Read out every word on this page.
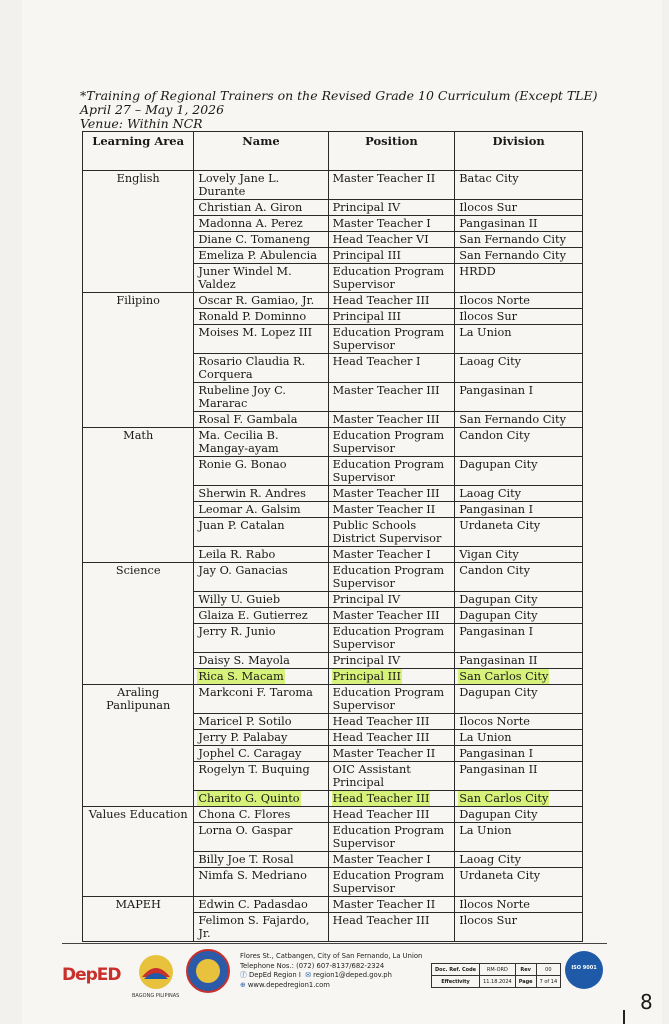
*Training of Regional Trainers on the Revised Grade 10 Curriculum (Except TLE)
April 27 – May 1, 2026
Venue: Within NCR
Learning Area	Name	Position	Division
English	Lovely Jane L. Durante	Master Teacher II	Batac City
	Christian A. Giron	Principal IV	Ilocos Sur
	Madonna A. Perez	Master Teacher I	Pangasinan II
	Diane C. Tomaneng	Head Teacher VI	San Fernando City
	Emeliza P. Abulencia	Principal III	San Fernando City
	Juner Windel M. Valdez	Education Program Supervisor	HRDD
Filipino	Oscar R. Gamiao, Jr.	Head Teacher III	Ilocos Norte
	Ronald P. Dominno	Principal III	Ilocos Sur
	Moises M. Lopez III	Education Program Supervisor	La Union
	Rosario Claudia R. Corquera	Head Teacher I	Laoag City
	Rubeline Joy C. Mararac	Master Teacher III	Pangasinan I
	Rosal F. Gambala	Master Teacher III	San Fernando City
Math	Ma. Cecilia B. Mangay-ayam	Education Program Supervisor	Candon City
	Ronie G. Bonao	Education Program Supervisor	Dagupan City
	Sherwin R. Andres	Master Teacher III	Laoag City
	Leomar A. Galsim	Master Teacher II	Pangasinan I
	Juan P. Catalan	Public Schools District Supervisor	Urdaneta City
	Leila R. Rabo	Master Teacher I	Vigan City
Science	Jay O. Ganacias	Education Program Supervisor	Candon City
	Willy U. Guieb	Principal IV	Dagupan City
	Glaiza E. Gutierrez	Master Teacher III	Dagupan City
	Jerry R. Junio	Education Program Supervisor	Pangasinan I
	Daisy S. Mayola	Principal IV	Pangasinan II
	Rica S. Macam	Principal III	San Carlos City
Araling Panlipunan	Markconi F. Taroma	Education Program Supervisor	Dagupan City
	Maricel P. Sotilo	Head Teacher III	Ilocos Norte
	Jerry P. Palabay	Head Teacher III	La Union
	Jophel C. Caragay	Master Teacher II	Pangasinan I
	Rogelyn T. Buquing	OIC Assistant Principal	Pangasinan II
	Charito G. Quinto	Head Teacher III	San Carlos City
Values Education	Chona C. Flores	Head Teacher III	Dagupan City
	Lorna O. Gaspar	Education Program Supervisor	La Union
	Billy Joe T. Rosal	Master Teacher I	Laoag City
	Nimfa S. Medriano	Education Program Supervisor	Urdaneta City
MAPEH	Edwin C. Padasdao	Master Teacher II	Ilocos Norte
	Felimon S. Fajardo, Jr.	Head Teacher III	Ilocos Sur
DepED
BAGONG PILIPINAS
Flores St., Catbangen, City of San Fernando, La Union
Telephone Nos.: (072) 607-8137/682-2324
ⓕ DepEd Region I ✉ region1@deped.gov.ph
⊕ www.depedregion1.com
Doc. Ref. Code	RM-ORD	Rev	00
Effectivity	11.18.2024	Page	7 of 14
ISO 9001
8
